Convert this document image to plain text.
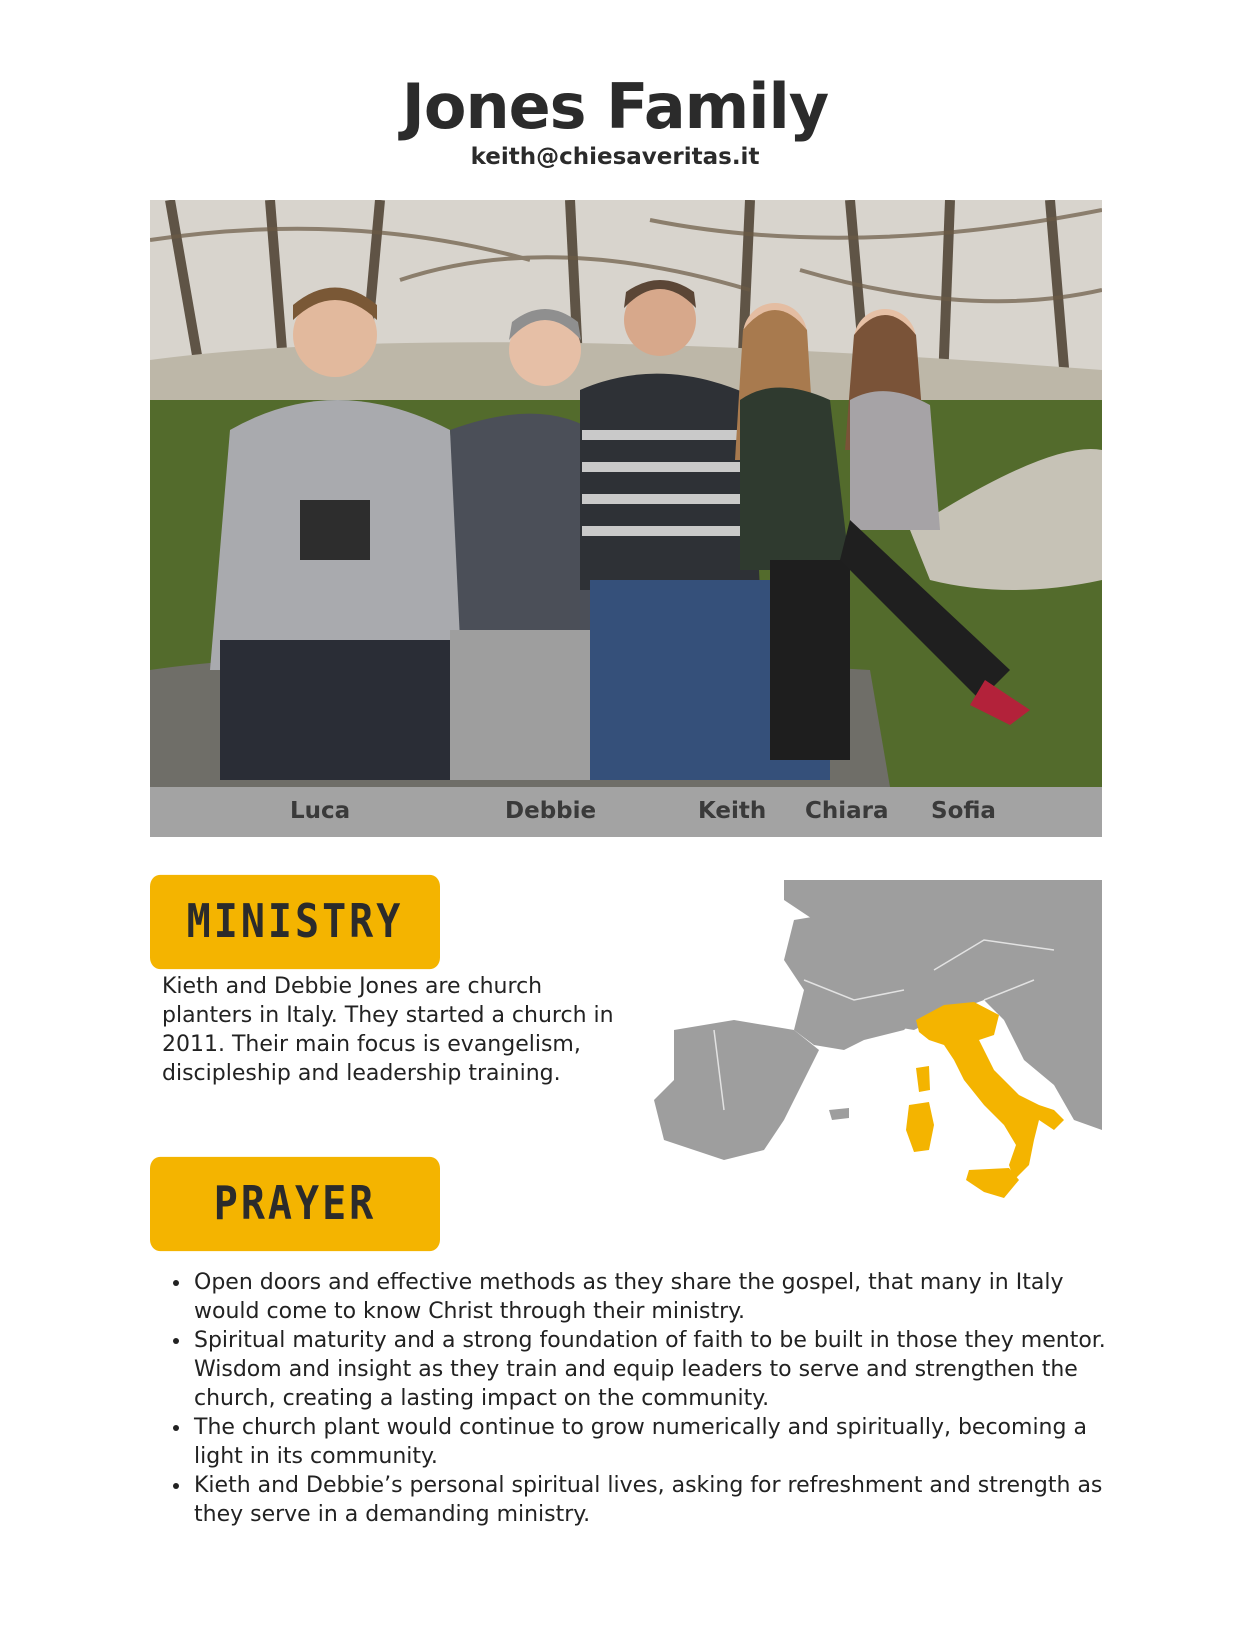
Jones Family
keith@chiesaveritas.it
Luca	Debbie	Keith Chiara Sofia
MINISTRY
Kieth and Debbie Jones are church planters in Italy. They started a church in 2011. Their main focus is evangelism, discipleship and leadership training.
PRAYER
• Open doors and effective methods as they share the gospel, that many in Italy would come to know Christ through their ministry.
• Spiritual maturity and a strong foundation of faith to be built in those they mentor. Wisdom and insight as they train and equip leaders to serve and strengthen the church, creating a lasting impact on the community.
• The church plant would continue to grow numerically and spiritually, becoming a light in its community.
• Kieth and Debbie’s personal spiritual lives, asking for refreshment and strength as they serve in a demanding ministry.
